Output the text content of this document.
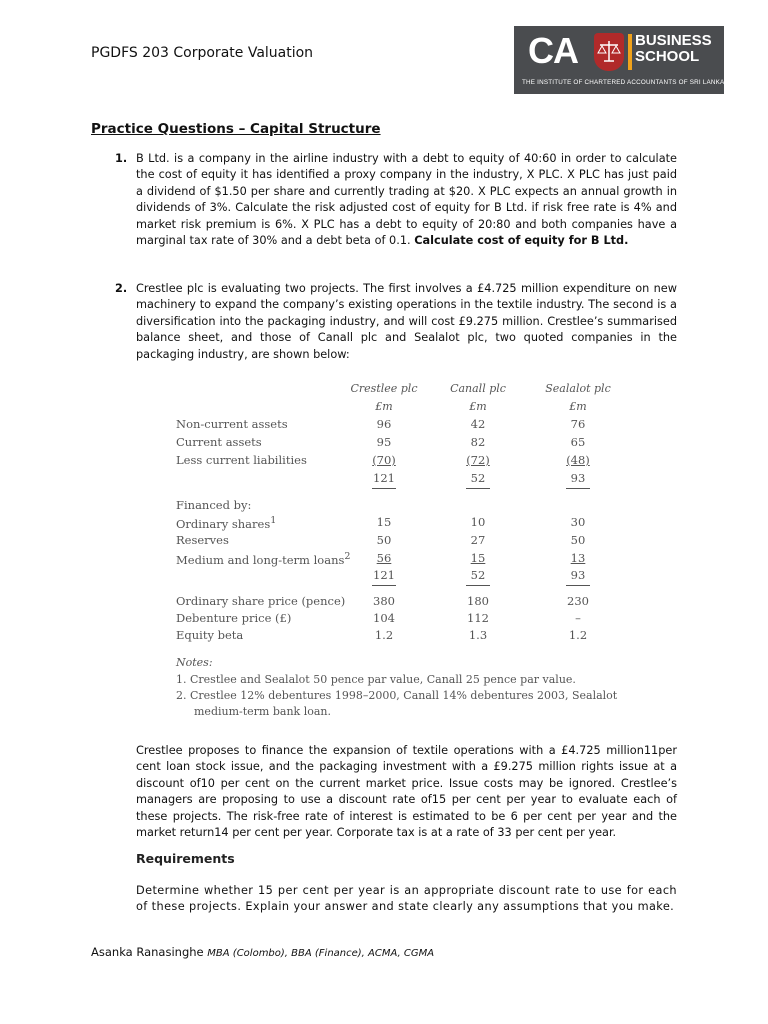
PGDFS 203 Corporate Valuation	CA	BUSINESS
SCHOOL
THE INSTITUTE OF CHARTERED ACCOUNTANTS OF SRI LANKA
Practice Questions – Capital Structure
1. B Ltd. is a company in the airline industry with a debt to equity of 40:60 in order to calculate the cost of equity it has identified a proxy company in the industry, X PLC. X PLC has just paid a dividend of $1.50 per share and currently trading at $20. X PLC expects an annual growth in dividends of 3%. Calculate the risk adjusted cost of equity for B Ltd. if risk free rate is 4% and market risk premium is 6%. X PLC has a debt to equity of 20:80 and both companies have a marginal tax rate of 30% and a debt beta of 0.1. Calculate cost of equity for B Ltd.
2. Crestlee plc is evaluating two projects. The first involves a £4.725 million expenditure on new machinery to expand the company’s existing operations in the textile industry. The second is a diversification into the packaging industry, and will cost £9.275 million. Crestlee’s summarised balance sheet, and those of Canall plc and Sealalot plc, two quoted companies in the packaging industry, are shown below:
Crestlee plc	Canall plc	Sealalot plc
£m	£m	£m
Non-current assets	96	42	76
Current assets	95	82	65
Less current liabilities	(70)	(72)	(48)
121	52	93
Financed by:
Ordinary shares$^1$	15	10	30
Reserves	50	27	50
Medium and long-term loans$^2$	56	15	13
121	52	93
Ordinary share price (pence)	380	180	230
Debenture price (£)	104	112	–
Equity beta	1.2	1.3	1.2
Notes:
1. Crestlee and Sealalot 50 pence par value, Canall 25 pence par value.
2. Crestlee 12% debentures 1998–2000, Canall 14% debentures 2003, Sealalot
medium-term bank loan.
Crestlee proposes to finance the expansion of textile operations with a £4.725 million11per cent loan stock issue, and the packaging investment with a £9.275 million rights issue at a discount of10 per cent on the current market price. Issue costs may be ignored. Crestlee’s managers are proposing to use a discount rate of15 per cent per year to evaluate each of these projects. The risk-free rate of interest is estimated to be 6 per cent per year and the market return14 per cent per year. Corporate tax is at a rate of 33 per cent per year.
Requirements
Determine whether 15 per cent per year is an appropriate discount rate to use for each of these projects. Explain your answer and state clearly any assumptions that you make.
Asanka Ranasinghe MBA (Colombo), BBA (Finance), ACMA, CGMA
